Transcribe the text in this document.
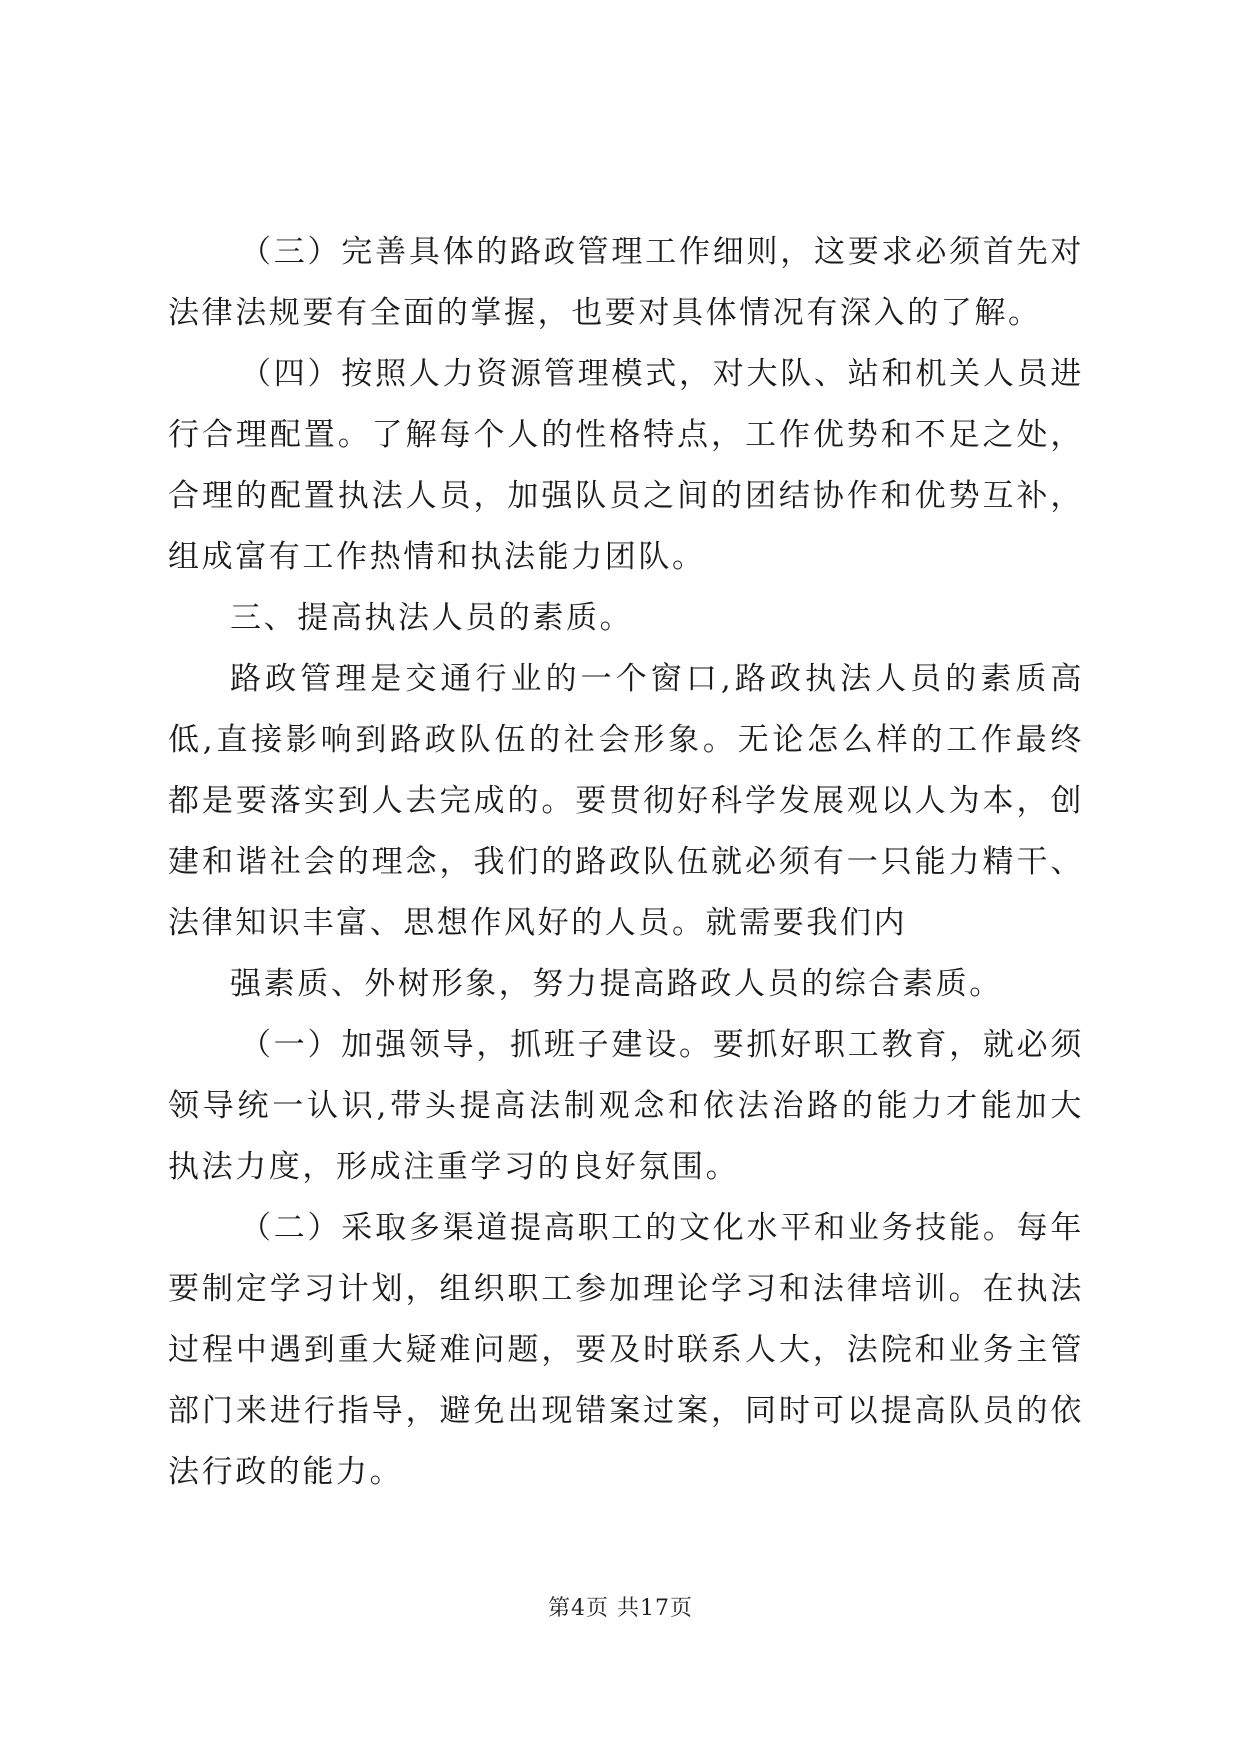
（三）完善具体的路政管理工作细则，这要求必须首先对法律法规要有全面的掌握，也要对具体情况有深入的了解。

（四）按照人力资源管理模式，对大队、站和机关人员进行合理配置。了解每个人的性格特点，工作优势和不足之处，合理的配置执法人员，加强队员之间的团结协作和优势互补，组成富有工作热情和执法能力团队。

三、提高执法人员的素质。

路政管理是交通行业的一个窗口,路政执法人员的素质高低,直接影响到路政队伍的社会形象。无论怎么样的工作最终都是要落实到人去完成的。要贯彻好科学发展观以人为本，创建和谐社会的理念，我们的路政队伍就必须有一只能力精干、法律知识丰富、思想作风好的人员。就需要我们内

强素质、外树形象，努力提高路政人员的综合素质。

（一）加强领导，抓班子建设。要抓好职工教育，就必须领导统一认识,带头提高法制观念和依法治路的能力才能加大执法力度，形成注重学习的良好氛围。

（二）采取多渠道提高职工的文化水平和业务技能。每年要制定学习计划，组织职工参加理论学习和法律培训。在执法过程中遇到重大疑难问题，要及时联系人大，法院和业务主管部门来进行指导，避免出现错案过案，同时可以提高队员的依法行政的能力。

第4页 共17页
